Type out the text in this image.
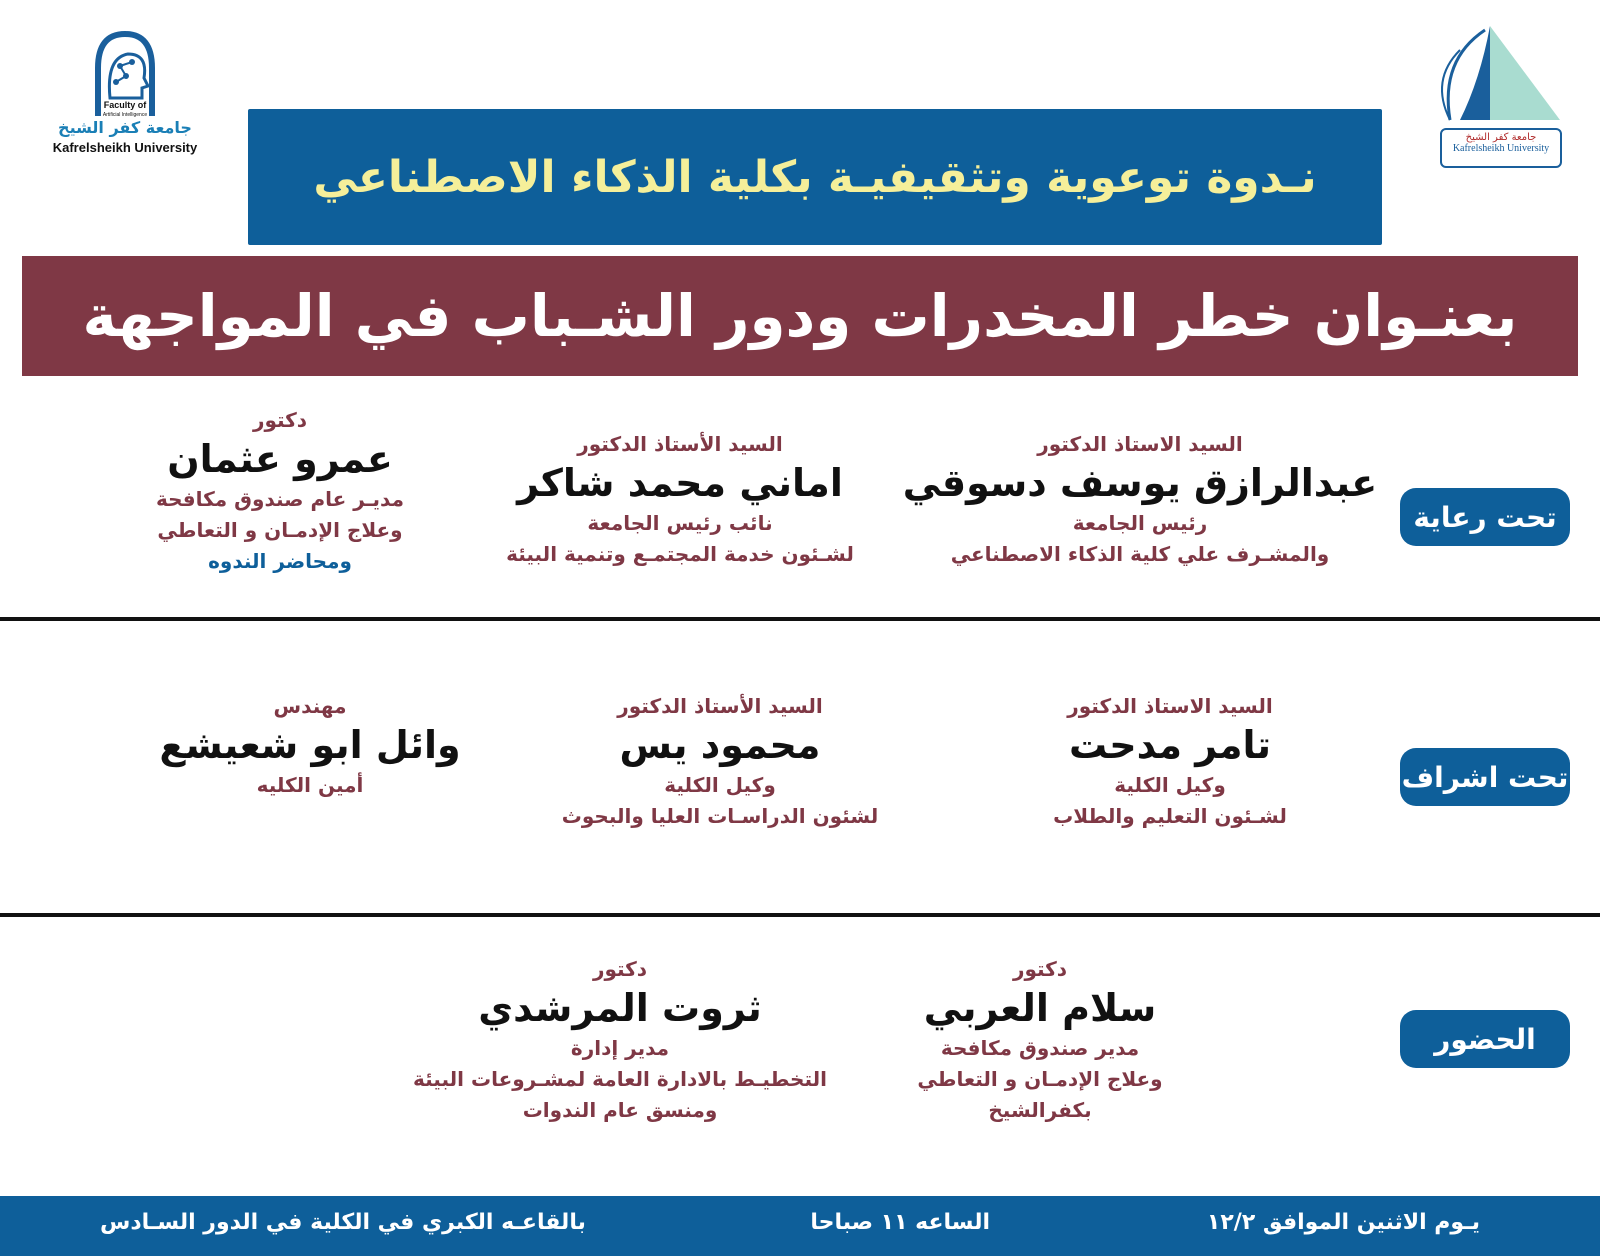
Faculty of
Artificial Intelligence
جامعة كفر الشيخ
Kafrelsheikh University
جامعة كفر الشيخ
Kafrelsheikh University
نـدوة توعوية وتثقيفيـة بكلية الذكاء الاصطناعي
بعنـوان خطر المخدرات ودور الشـباب في المواجهة
تحت رعاية
السيد الاستاذ الدكتور
عبدالرازق يوسف دسوقي
رئيس الجامعة
والمشـرف علي كلية الذكاء الاصطناعي
السيد الأستاذ الدكتور
اماني محمد شاكر
نائب رئيس الجامعة
لشـئون خدمة المجتمـع وتنمية البيئة
دكتور
عمرو عثمان
مديـر عام صندوق مكافحة
وعلاج الإدمـان و التعاطي
ومحاضر الندوه
تحت اشراف
السيد الاستاذ الدكتور
تامر مدحت
وكيل الكلية
لشـئون التعليم والطلاب
السيد الأستاذ الدكتور
محمود يس
وكيل الكلية
لشئون الدراسـات العليا والبحوث
مهندس
وائل ابو شعيشع
أمين الكليه
الحضور
دكتور
سلام العربي
مدير صندوق مكافحة
وعلاج الإدمـان و التعاطي
بكفرالشيخ
دكتور
ثروت المرشدي
مدير إدارة
التخطيـط بالادارة العامة لمشـروعات البيئة
ومنسق عام الندوات
يـوم الاثنين الموافق ١٢/٢
الساعه ١١ صباحا
بالقاعـه الكبري في الكلية في الدور السـادس
